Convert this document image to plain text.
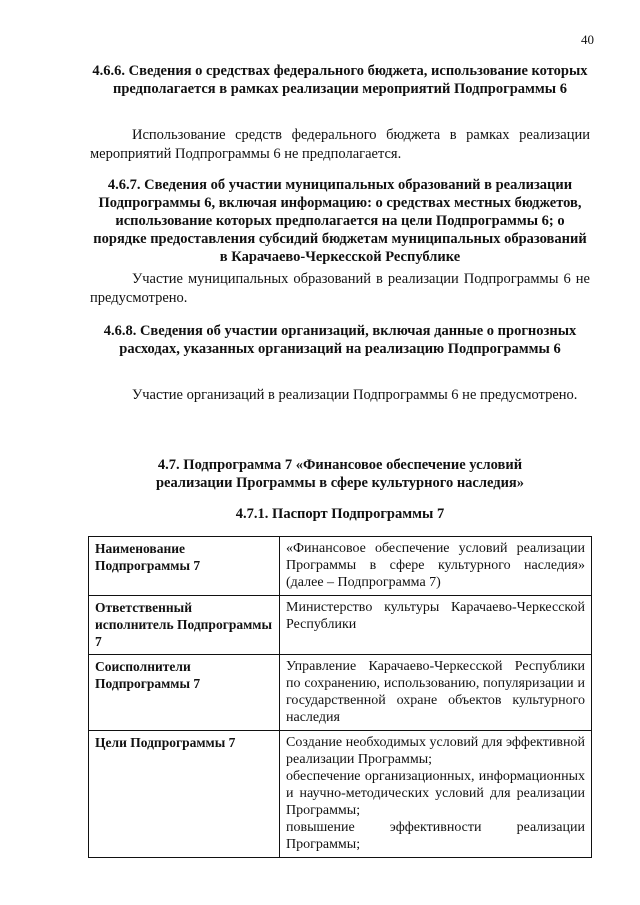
40
4.6.6. Сведения о средствах федерального бюджета, использование которых предполагается в рамках реализации мероприятий Подпрограммы 6
Использование средств федерального бюджета в рамках реализации мероприятий Подпрограммы 6 не предполагается.
4.6.7. Сведения об участии муниципальных образований в реализации Подпрограммы 6, включая информацию: о средствах местных бюджетов, использование которых предполагается на цели Подпрограммы 6; о порядке предоставления субсидий бюджетам муниципальных образований в Карачаево-Черкесской Республике
Участие муниципальных образований в реализации Подпрограммы 6 не предусмотрено.
4.6.8. Сведения об участии организаций, включая данные о прогнозных расходах, указанных организаций на реализацию Подпрограммы 6
Участие организаций в реализации Подпрограммы 6 не предусмотрено.
4.7. Подпрограмма 7 «Финансовое обеспечение условий реализации Программы в сфере культурного наследия»
4.7.1. Паспорт Подпрограммы 7
Наименование Подпрограммы 7	«Финансовое обеспечение условий реализации Программы в сфере культурного наследия» (далее – Подпрограмма 7)
Ответственный исполнитель Подпрограммы 7	Министерство культуры Карачаево-Черкесской Республики
Соисполнители Подпрограммы 7	Управление Карачаево-Черкесской Республики по сохранению, использованию, популяризации и государственной охране объектов культурного наследия
Цели Подпрограммы 7	Создание необходимых условий для эффективной реализации Программы;
обеспечение организационных, информационных и научно-методических условий для реализации Программы;
повышение эффективности реализации Программы;
